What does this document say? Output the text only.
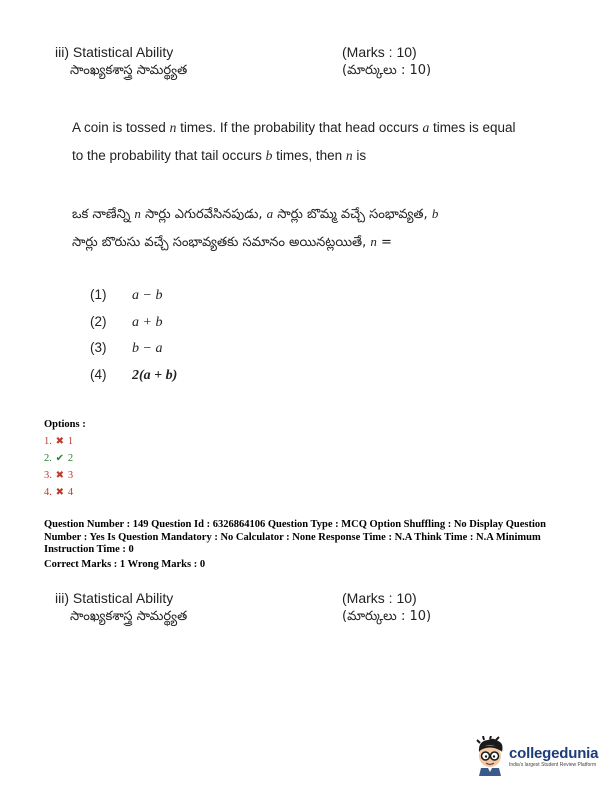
iii) Statistical Ability	(Marks : 10)
సాంఖ్యకశాస్త్ర సామర్థ్యత	(మార్కులు : 10)
A coin is tossed n times. If the probability that head occurs a times is equal
to the probability that tail occurs b times, then n is
ఒక నాణేన్ని n సార్లు ఎగురవేసినపుడు, a సార్లు బొమ్మ వచ్చే సంభావ్యత, b
సార్లు బొరుసు వచ్చే సంభావ్యతకు సమానం అయినట్లయితే, n =
(1) a − b
(2) a + b
(3) b − a
(4) 2(a + b)
Options :
1. ✖ 1
2. ✔ 2
3. ✖ 3
4. ✖ 4
Question Number : 149 Question Id : 6326864106 Question Type : MCQ Option Shuffling : No Display Question
Number : Yes Is Question Mandatory : No Calculator : None Response Time : N.A Think Time : N.A Minimum
Instruction Time : 0
Correct Marks : 1 Wrong Marks : 0
iii) Statistical Ability	(Marks : 10)
సాంఖ్యకశాస్త్ర సామర్థ్యత	(మార్కులు : 10)
collegedunia
India's largest Student Review Platform
